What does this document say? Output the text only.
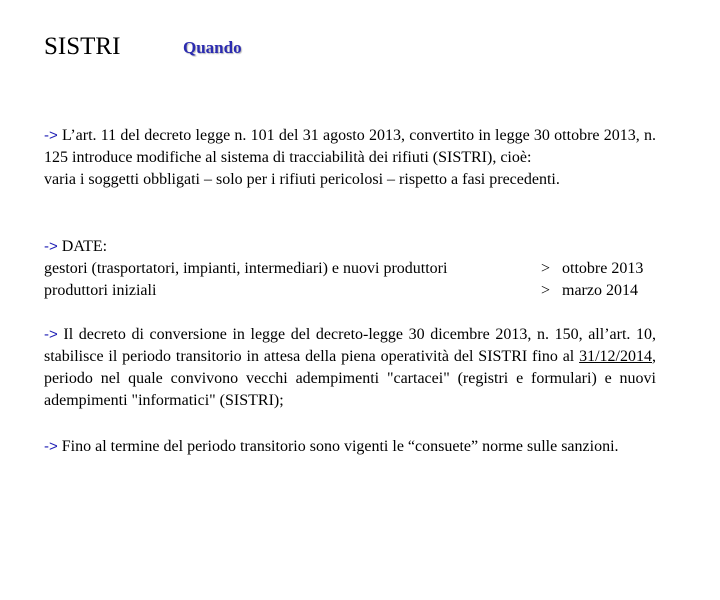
SISTRI	Quando

-> L’art. 11 del decreto legge n. 101 del 31 agosto 2013, convertito in legge 30 ottobre 2013, n. 125 introduce modifiche al sistema di tracciabilità dei rifiuti (SISTRI), cioè:

varia i soggetti obbligati – solo per i rifiuti pericolosi – rispetto a fasi precedenti.

-> DATE:

gestori (trasportatori, impianti, intermediari) e nuovi produttori	> ottobre 2013
produttori iniziali	> marzo 2014

-> Il decreto di conversione in legge del decreto-legge 30 dicembre 2013, n. 150, all’art. 10, stabilisce il periodo transitorio in attesa della piena operatività del SISTRI fino al 31/12/2014, periodo nel quale convivono vecchi adempimenti "cartacei" (registri e formulari) e nuovi adempimenti "informatici" (SISTRI);

-> Fino al termine del periodo transitorio sono vigenti le “consuete” norme sulle sanzioni.
